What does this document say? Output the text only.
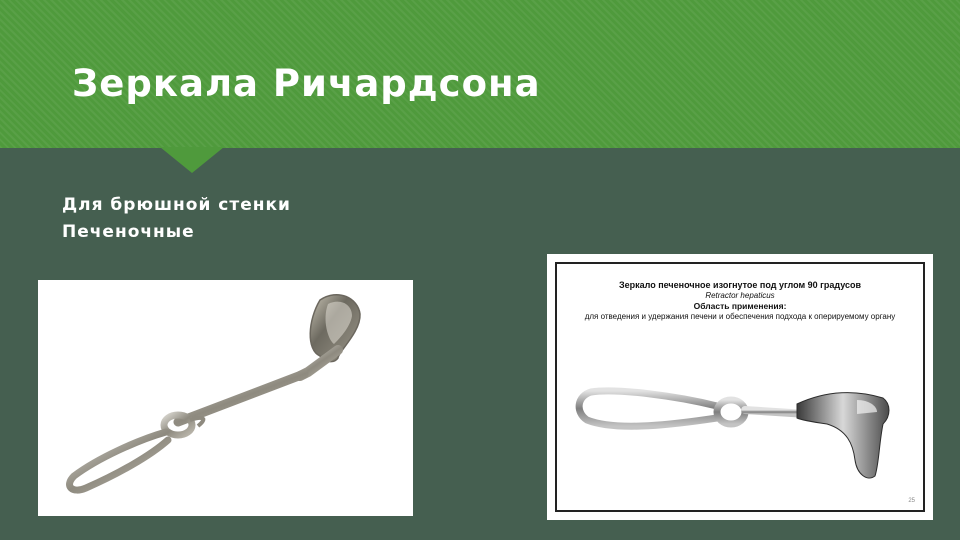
Зеркала Ричардсона
Для брюшной стенки
Печеночные
Зеркало печеночное изогнутое под углом 90 градусов
Retractor hepaticus
Область применения:
для отведения и удержания печени и обеспечения подхода к оперируемому органу
25
